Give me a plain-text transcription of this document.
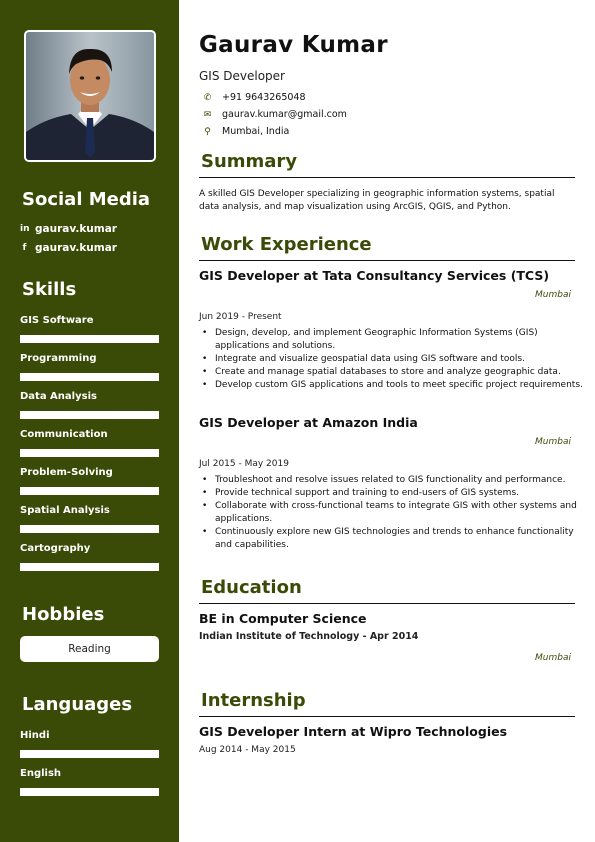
Social Media
in gaurav.kumar
f gaurav.kumar
Skills
GIS Software
Programming
Data Analysis
Communication
Problem-Solving
Spatial Analysis
Cartography
Hobbies
Reading
Languages
Hindi
English
Gaurav Kumar
GIS Developer
✆ +91 9643265048
✉ gaurav.kumar@gmail.com
⚲ Mumbai, India
Summary
A skilled GIS Developer specializing in geographic information systems, spatial data analysis, and map visualization using ArcGIS, QGIS, and Python.
Work Experience
GIS Developer at Tata Consultancy Services (TCS)
Mumbai
Jun 2019 - Present
• Design, develop, and implement Geographic Information Systems (GIS) applications and solutions.
• Integrate and visualize geospatial data using GIS software and tools.
• Create and manage spatial databases to store and analyze geographic data.
• Develop custom GIS applications and tools to meet specific project requirements.
GIS Developer at Amazon India
Mumbai
Jul 2015 - May 2019
• Troubleshoot and resolve issues related to GIS functionality and performance.
• Provide technical support and training to end-users of GIS systems.
• Collaborate with cross-functional teams to integrate GIS with other systems and applications.
• Continuously explore new GIS technologies and trends to enhance functionality and capabilities.
Education
BE in Computer Science
Indian Institute of Technology - Apr 2014
Mumbai
Internship
GIS Developer Intern at Wipro Technologies
Aug 2014 - May 2015
